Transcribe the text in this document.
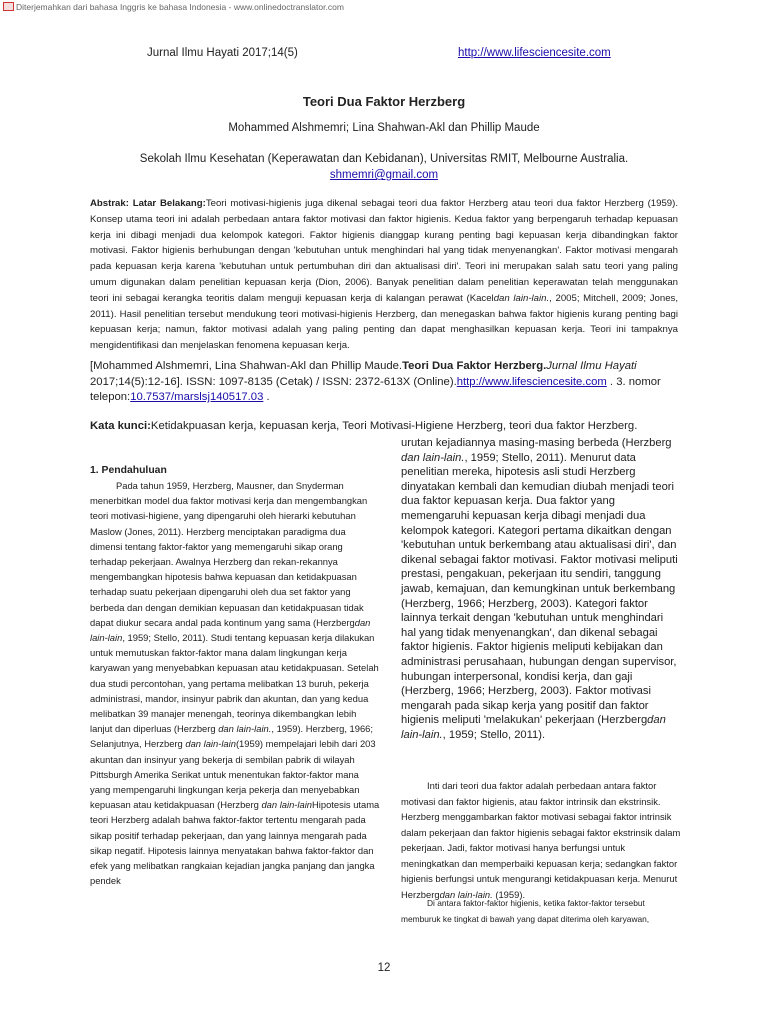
Diterjemahkan dari bahasa Inggris ke bahasa Indonesia - www.onlinedoctranslator.com
Jurnal Ilmu Hayati 2017;14(5)	http://www.lifesciencesite.com
Teori Dua Faktor Herzberg
Mohammed Alshmemri; Lina Shahwan-Akl dan Phillip Maude
Sekolah Ilmu Kesehatan (Keperawatan dan Kebidanan), Universitas RMIT, Melbourne Australia.
shmemri@gmail.com
Abstrak: Latar Belakang:Teori motivasi-higienis juga dikenal sebagai teori dua faktor Herzberg atau teori dua faktor Herzberg (1959). Konsep utama teori ini adalah perbedaan antara faktor motivasi dan faktor higienis. Kedua faktor yang berpengaruh terhadap kepuasan kerja ini dibagi menjadi dua kelompok kategori. Faktor higienis dianggap kurang penting bagi kepuasan kerja dibandingkan faktor motivasi. Faktor higienis berhubungan dengan 'kebutuhan untuk menghindari hal yang tidak menyenangkan'. Faktor motivasi mengarah pada kepuasan kerja karena 'kebutuhan untuk pertumbuhan diri dan aktualisasi diri'. Teori ini merupakan salah satu teori yang paling umum digunakan dalam penelitian kepuasan kerja (Dion, 2006). Banyak penelitian dalam penelitian keperawatan telah menggunakan teori ini sebagai kerangka teoritis dalam menguji kepuasan kerja di kalangan perawat (Kaceldan lain-lain., 2005; Mitchell, 2009; Jones, 2011). Hasil penelitian tersebut mendukung teori motivasi-higienis Herzberg, dan menegaskan bahwa faktor higienis kurang penting bagi kepuasan kerja; namun, faktor motivasi adalah yang paling penting dan dapat menghasilkan kepuasan kerja. Teori ini tampaknya mengidentifikasi dan menjelaskan fenomena kepuasan kerja.
[Mohammed Alshmemri, Lina Shahwan-Akl dan Phillip Maude.Teori Dua Faktor Herzberg.Jurnal Ilmu Hayati 2017;14(5):12-16]. ISSN: 1097-8135 (Cetak) / ISSN: 2372-613X (Online).http://www.lifesciencesite.com . 3. nomor telepon:10.7537/marslsj140517.03 .
Kata kunci:Ketidakpuasan kerja, kepuasan kerja, Teori Motivasi-Higiene Herzberg, teori dua faktor Herzberg.
1. Pendahuluan

Pada tahun 1959, Herzberg, Mausner, dan Snyderman menerbitkan model dua faktor motivasi kerja dan mengembangkan teori motivasi-higiene, yang dipengaruhi oleh hierarki kebutuhan Maslow (Jones, 2011). Herzberg menciptakan paradigma dua dimensi tentang faktor-faktor yang memengaruhi sikap orang terhadap pekerjaan. Awalnya Herzberg dan rekan-rekannya mengembangkan hipotesis bahwa kepuasan dan ketidakpuasan terhadap suatu pekerjaan dipengaruhi oleh dua set faktor yang berbeda dan dengan demikian kepuasan dan ketidakpuasan tidak dapat diukur secara andal pada kontinum yang sama (Herzbergdan lain-lain, 1959; Stello, 2011). Studi tentang kepuasan kerja dilakukan untuk memutuskan faktor-faktor mana dalam lingkungan kerja karyawan yang menyebabkan kepuasan atau ketidakpuasan. Setelah dua studi percontohan, yang pertama melibatkan 13 buruh, pekerja administrasi, mandor, insinyur pabrik dan akuntan, dan yang kedua melibatkan 39 manajer menengah, teorinya dikembangkan lebih lanjut dan diperluas (Herzberg dan lain-lain., 1959). Herzberg, 1966; Selanjutnya, Herzberg dan lain-lain(1959) mempelajari lebih dari 203 akuntan dan insinyur yang bekerja di sembilan pabrik di wilayah Pittsburgh Amerika Serikat untuk menentukan faktor-faktor mana yang mempengaruhi lingkungan kerja pekerja dan menyebabkan kepuasan atau ketidakpuasan (Herzberg dan lain-lainHipotesis utama teori Herzberg adalah bahwa faktor-faktor tertentu mengarah pada sikap positif terhadap pekerjaan, dan yang lainnya mengarah pada sikap negatif. Hipotesis lainnya menyatakan bahwa faktor-faktor dan efek yang melibatkan rangkaian kejadian jangka panjang dan jangka pendek

urutan kejadiannya masing-masing berbeda (Herzberg dan lain-lain., 1959; Stello, 2011). Menurut data penelitian mereka, hipotesis asli studi Herzberg dinyatakan kembali dan kemudian diubah menjadi teori dua faktor kepuasan kerja. Dua faktor yang memengaruhi kepuasan kerja dibagi menjadi dua kelompok kategori. Kategori pertama dikaitkan dengan 'kebutuhan untuk berkembang atau aktualisasi diri', dan dikenal sebagai faktor motivasi. Faktor motivasi meliputi prestasi, pengakuan, pekerjaan itu sendiri, tanggung jawab, kemajuan, dan kemungkinan untuk berkembang (Herzberg, 1966; Herzberg, 2003). Kategori faktor lainnya terkait dengan 'kebutuhan untuk menghindari hal yang tidak menyenangkan', dan dikenal sebagai faktor higienis. Faktor higienis meliputi kebijakan dan administrasi perusahaan, hubungan dengan supervisor, hubungan interpersonal, kondisi kerja, dan gaji (Herzberg, 1966; Herzberg, 2003). Faktor motivasi mengarah pada sikap kerja yang positif dan faktor higienis meliputi 'melakukan' pekerjaan (Herzbergdan lain-lain., 1959; Stello, 2011).
Inti dari teori dua faktor adalah perbedaan antara faktor motivasi dan faktor higienis, atau faktor intrinsik dan ekstrinsik. Herzberg menggambarkan faktor motivasi sebagai faktor intrinsik dalam pekerjaan dan faktor higienis sebagai faktor ekstrinsik dalam pekerjaan. Jadi, faktor motivasi hanya berfungsi untuk meningkatkan dan memperbaiki kepuasan kerja; sedangkan faktor higienis berfungsi untuk mengurangi ketidakpuasan kerja. Menurut Herzbergdan lain-lain. (1959).
Di antara faktor-faktor higienis, ketika faktor-faktor tersebut memburuk ke tingkat di bawah yang dapat diterima oleh karyawan,
12
